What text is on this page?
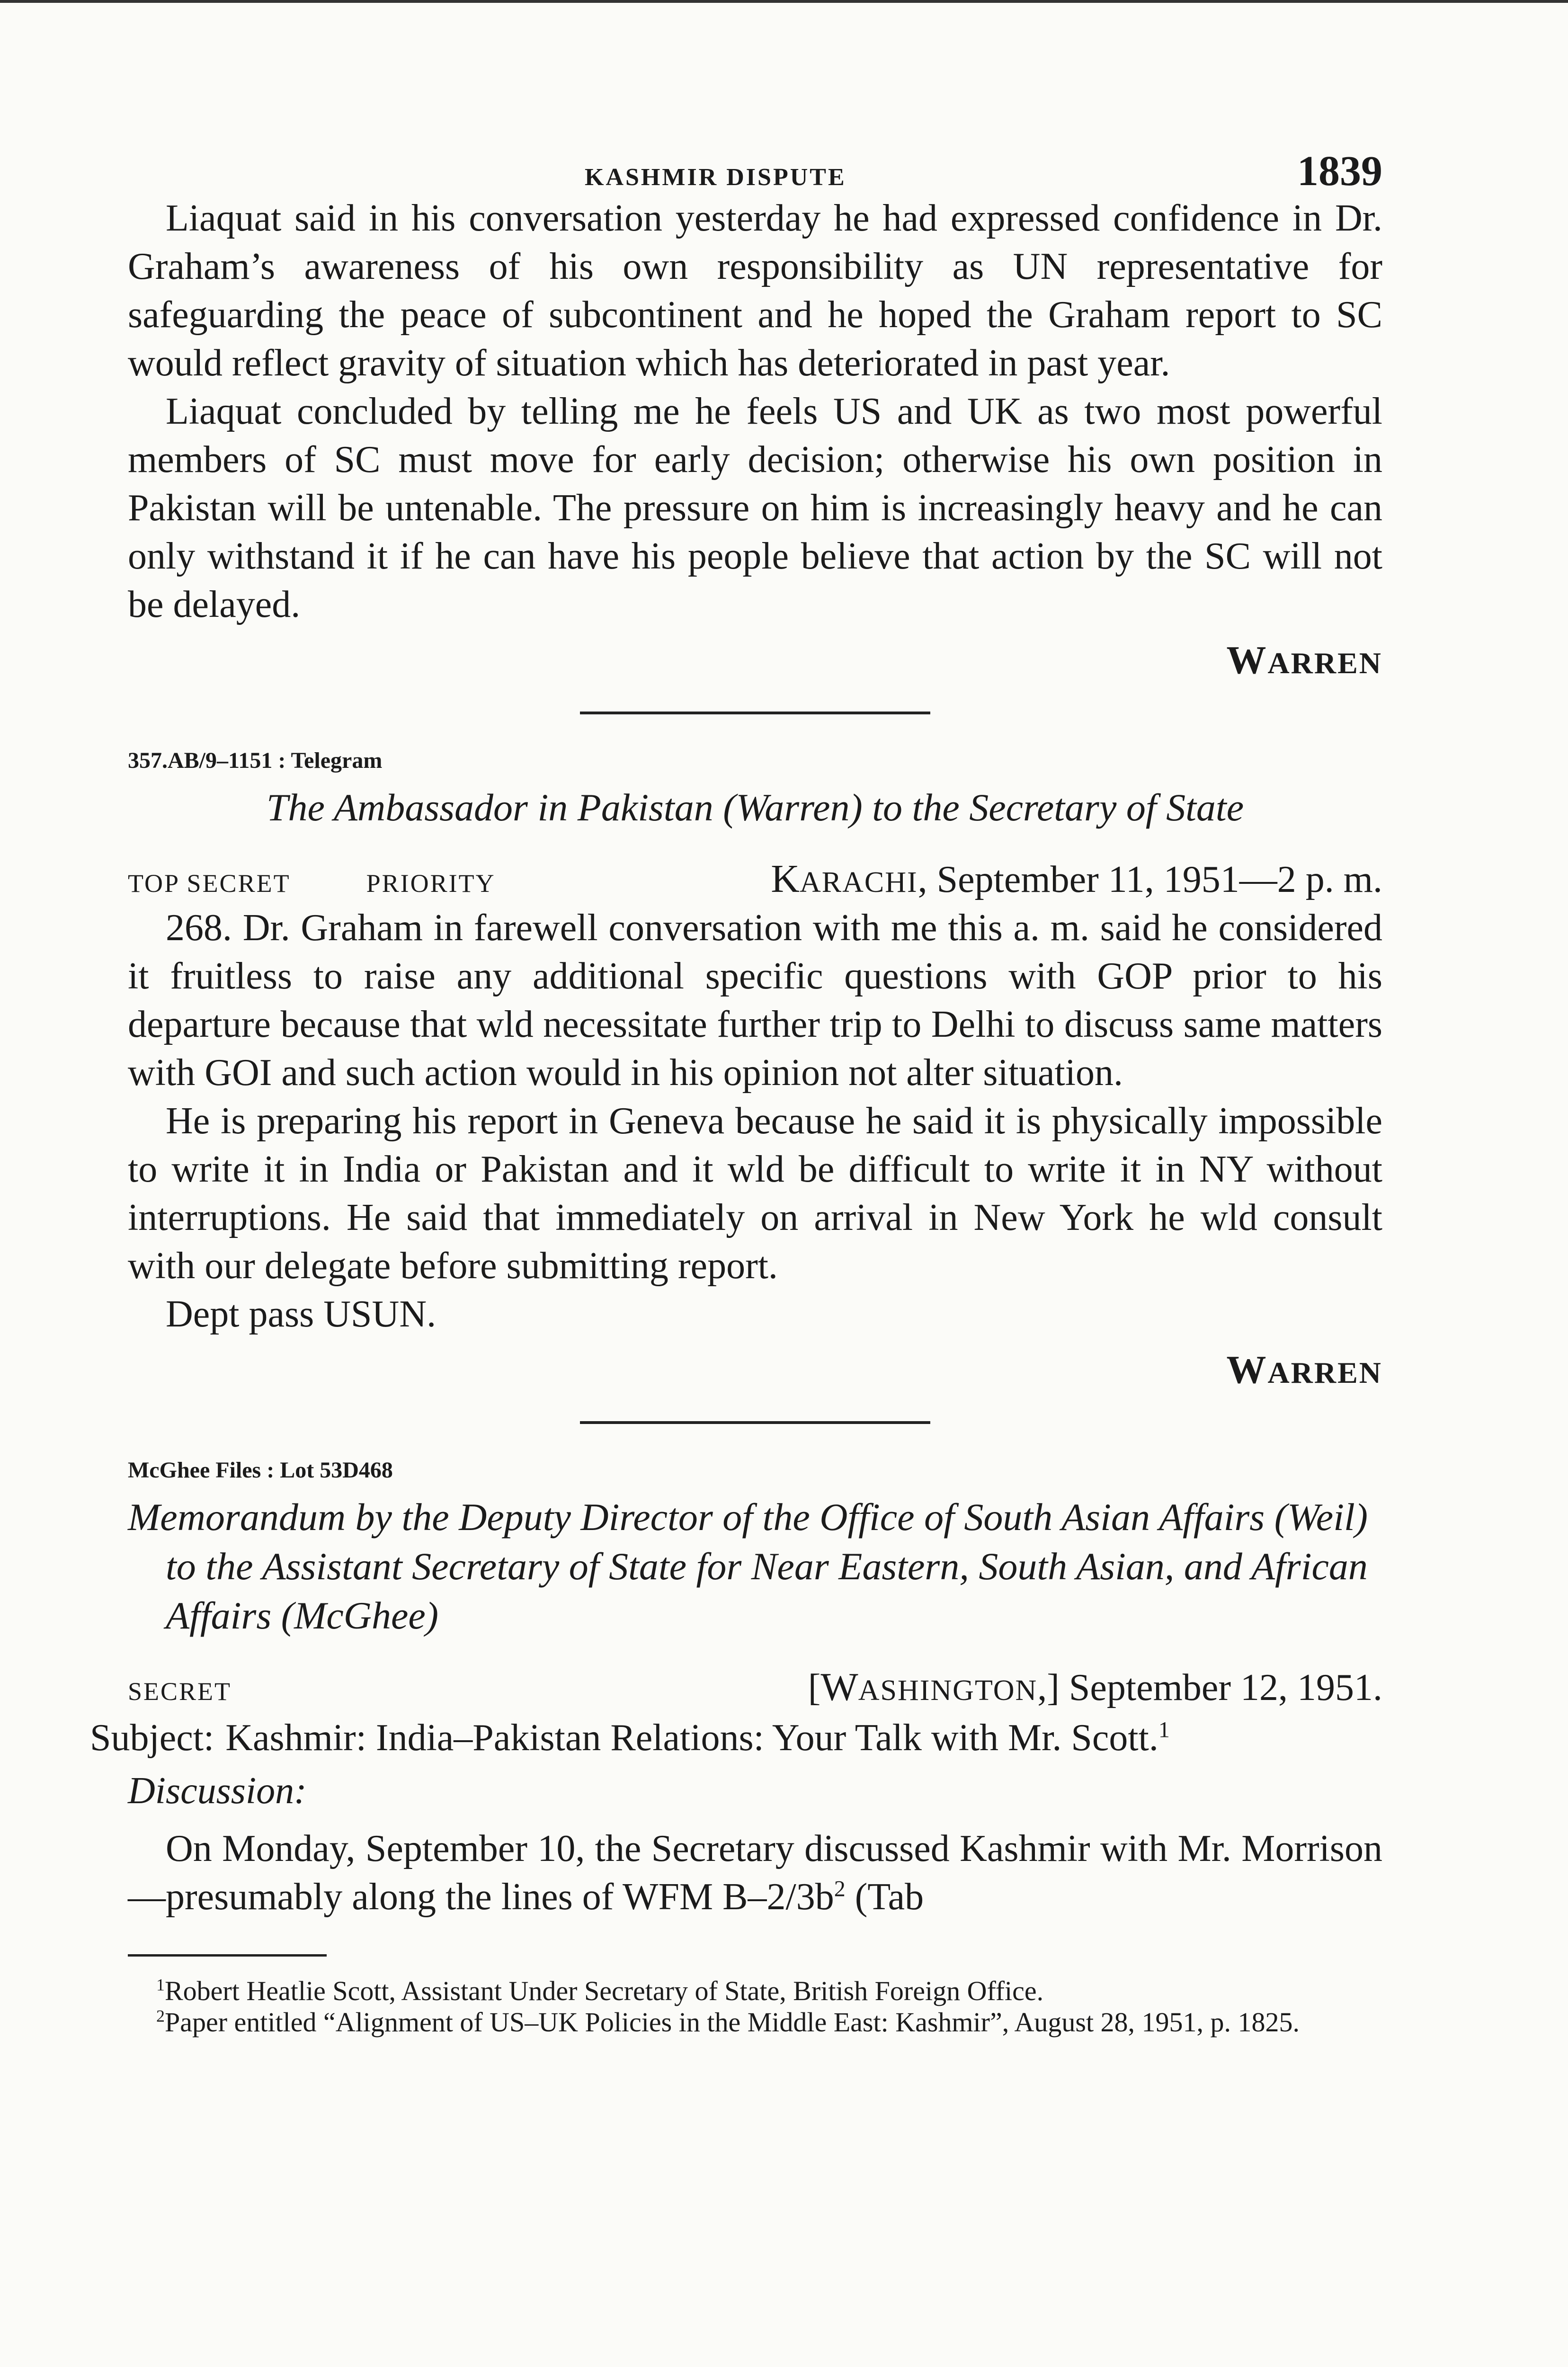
KASHMIR DISPUTE	1839

Liaquat said in his conversation yesterday he had expressed confidence in Dr. Graham’s awareness of his own responsibility as UN representative for safeguarding the peace of subcontinent and he hoped the Graham report to SC would reflect gravity of situation which has deteriorated in past year.

Liaquat concluded by telling me he feels US and UK as two most powerful members of SC must move for early decision; otherwise his own position in Pakistan will be untenable. The pressure on him is increasingly heavy and he can only withstand it if he can have his people believe that action by the SC will not be delayed.

WARREN
357.AB/9–1151 : Telegram
The Ambassador in Pakistan (Warren) to the Secretary of State
TOP SECRET	PRIORITY	KARACHI, September 11, 1951—2 p. m.

268. Dr. Graham in farewell conversation with me this a. m. said he considered it fruitless to raise any additional specific questions with GOP prior to his departure because that wld necessitate further trip to Delhi to discuss same matters with GOI and such action would in his opinion not alter situation.

He is preparing his report in Geneva because he said it is physically impossible to write it in India or Pakistan and it wld be difficult to write it in NY without interruptions. He said that immediately on arrival in New York he wld consult with our delegate before submitting report.

Dept pass USUN.

WARREN
McGhee Files : Lot 53D468
Memorandum by the Deputy Director of the Office of South Asian Affairs (Weil) to the Assistant Secretary of State for Near Eastern, South Asian, and African Affairs (McGhee)
SECRET	[WASHINGTON,] September 12, 1951.
Subject: Kashmir: India–Pakistan Relations: Your Talk with Mr. Scott.$^1$
Discussion:

On Monday, September 10, the Secretary discussed Kashmir with Mr. Morrison—presumably along the lines of WFM $B-2/3b^2$ (Tab

$^1$Robert Heatlie Scott, Assistant Under Secretary of State, British Foreign Office.

$^2$Paper entitled “Alignment of US–UK Policies in the Middle East: Kashmir”, August 28, 1951, p. 1825.
